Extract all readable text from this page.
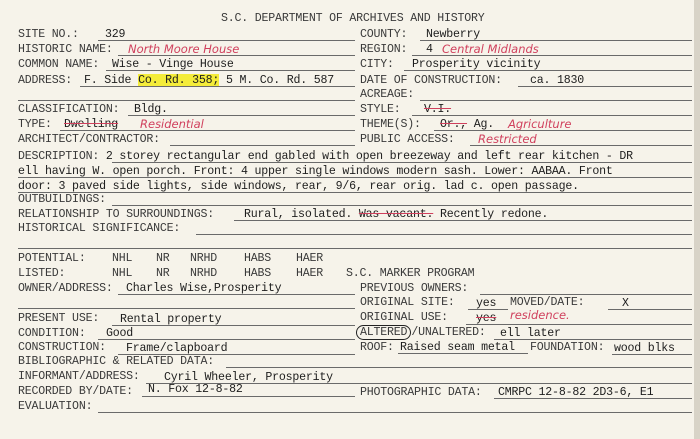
S.C. DEPARTMENT OF ARCHIVES AND HISTORY
SITE NO.: 329	COUNTY: Newberry
HISTORIC NAME: North Moore House	REGION: 4 Central Midlands
COMMON NAME: Wise - Vinge House	CITY: Prosperity vicinity
ADDRESS: F. Side Co. Rd. 358; 5 M. Co. Rd. 587 DATE OF CONSTRUCTION: ca. 1830
ACREAGE:
CLASSIFICATION: Bldg.	STYLE: V.I.
TYPE: Dwelling Residential	THEME(S): Or., Ag. Agriculture
ARCHITECT/CONTRACTOR:	PUBLIC ACCESS: Restricted
DESCRIPTION: 2 storey rectangular end gabled with open breezeway and left rear kitchen - DR
ell having W. open porch. Front: 4 upper single windows modern sash. Lower: AABAA. Front
door: 3 paved side lights, side windows, rear, 9/6, rear orig. lad c. open passage.
OUTBUILDINGS:
RELATIONSHIP TO SURROUNDINGS:	Rural, isolated. Was vacant. Recently redone.
HISTORICAL SIGNIFICANCE:
POTENTIAL: NHL NR NRHD HABS HAER
LISTED:	NHL NR NRHD HABS HAER S.C. MARKER PROGRAM
OWNER/ADDRESS: Charles Wise,Prosperity	PREVIOUS OWNERS:
ORIGINAL SITE: yes MOVED/DATE:	X
PRESENT USE: Rental property	ORIGINAL USE: yes residence.
CONDITION: Good	ALTERED /UNALTERED: ell later
CONSTRUCTION: Frame/clapboard	ROOF: Raised seam metal FOUNDATION: wood blks
BIBLIOGRAPHIC & RELATED DATA:
INFORMANT/ADDRESS: Cyril Wheeler, Prosperity
RECORDED BY/DATE: N. Fox 12-8-82	PHOTOGRAPHIC DATA: CMRPC 12-8-82 2D3-6, E1
EVALUATION:
